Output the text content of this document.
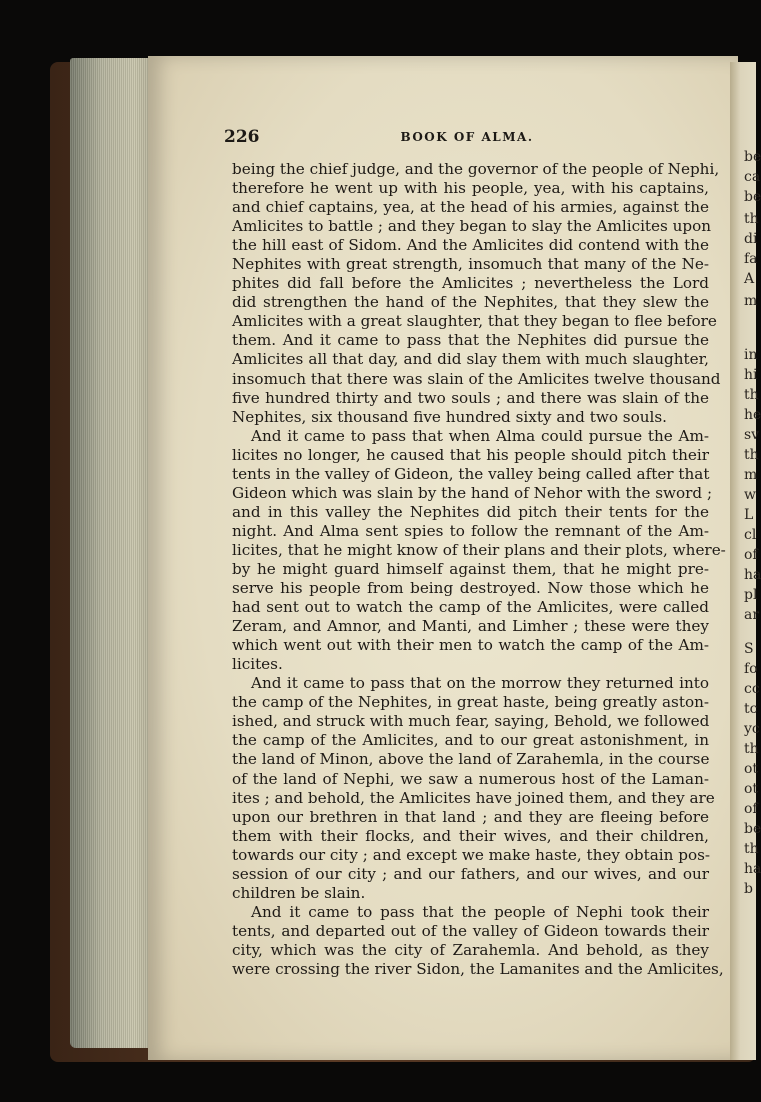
be
ca
be
th
di
fa
A
m
in
hi
th
he
sv
th
m
w
L
cl
of
ha
pl
ar
S
fo
cc
tc
yc
th
ot
ot
of
be
th
ha
b
226	BOOK OF ALMA.
being the chief judge, and the governor of the people of Nephi,
therefore he went up with his people, yea, with his captains,
and chief captains, yea, at the head of his armies, against the
Amlicites to battle ; and they began to slay the Amlicites upon
the hill east of Sidom. And the Amlicites did contend with the
Nephites with great strength, insomuch that many of the Ne-
phites did fall before the Amlicites ; nevertheless the Lord
did strengthen the hand of the Nephites, that they slew the
Amlicites with a great slaughter, that they began to flee before
them. And it came to pass that the Nephites did pursue the
Amlicites all that day, and did slay them with much slaughter,
insomuch that there was slain of the Amlicites twelve thousand
five hundred thirty and two souls ; and there was slain of the
Nephites, six thousand five hundred sixty and two souls.
And it came to pass that when Alma could pursue the Am-
licites no longer, he caused that his people should pitch their
tents in the valley of Gideon, the valley being called after that
Gideon which was slain by the hand of Nehor with the sword ;
and in this valley the Nephites did pitch their tents for the
night. And Alma sent spies to follow the remnant of the Am-
licites, that he might know of their plans and their plots, where-
by he might guard himself against them, that he might pre-
serve his people from being destroyed. Now those which he
had sent out to watch the camp of the Amlicites, were called
Zeram, and Amnor, and Manti, and Limher ; these were they
which went out with their men to watch the camp of the Am-
licites.
And it came to pass that on the morrow they returned into
the camp of the Nephites, in great haste, being greatly aston-
ished, and struck with much fear, saying, Behold, we followed
the camp of the Amlicites, and to our great astonishment, in
the land of Minon, above the land of Zarahemla, in the course
of the land of Nephi, we saw a numerous host of the Laman-
ites ; and behold, the Amlicites have joined them, and they are
upon our brethren in that land ; and they are fleeing before
them with their flocks, and their wives, and their children,
towards our city ; and except we make haste, they obtain pos-
session of our city ; and our fathers, and our wives, and our
children be slain.
And it came to pass that the people of Nephi took their
tents, and departed out of the valley of Gideon towards their
city, which was the city of Zarahemla. And behold, as they
were crossing the river Sidon, the Lamanites and the Amlicites,
